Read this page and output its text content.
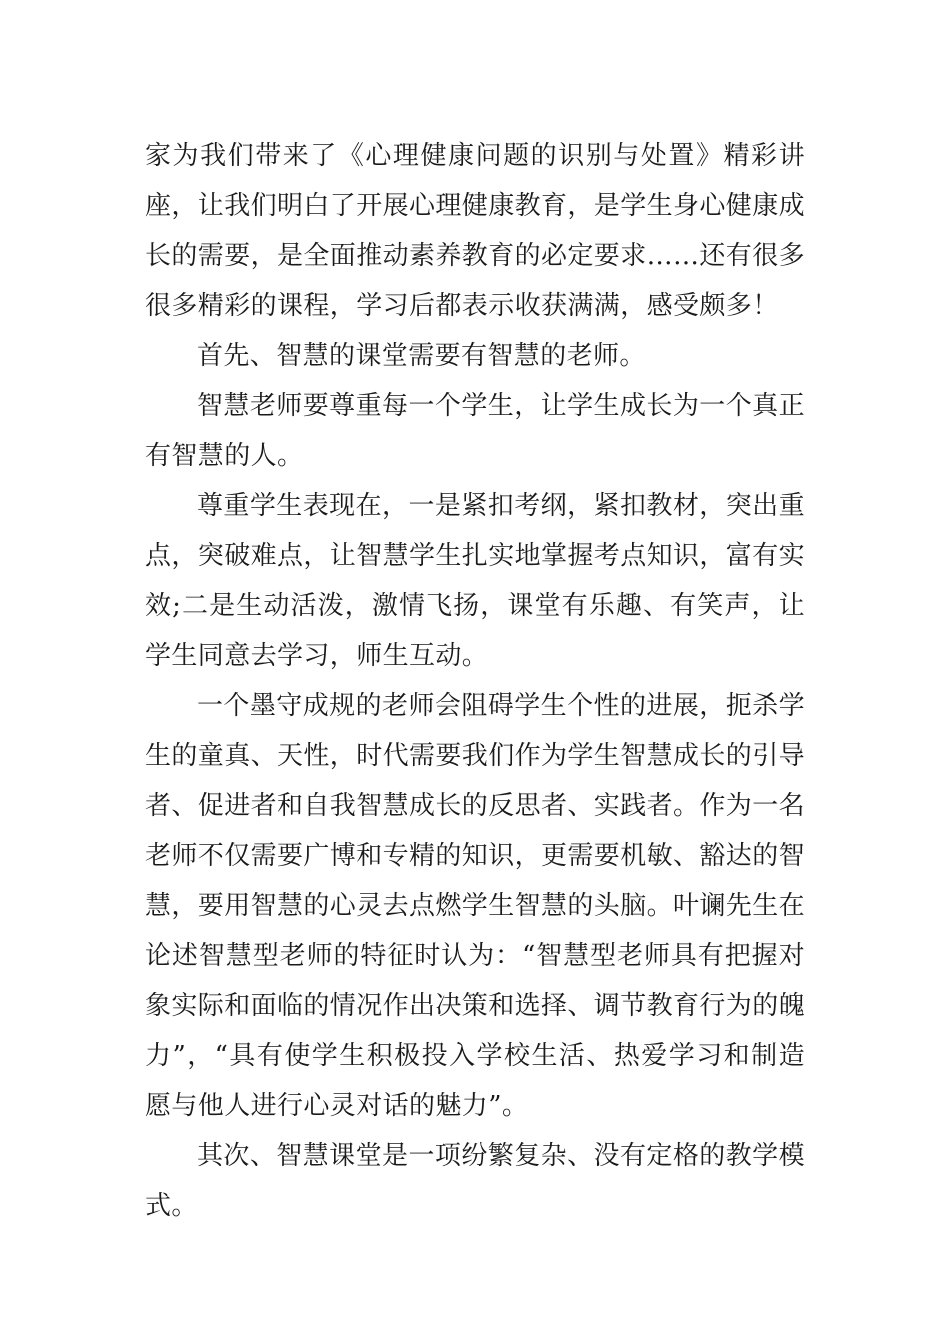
家为我们带来了《心理健康问题的识别与处置》精彩讲座，让我们明白了开展心理健康教育，是学生身心健康成长的需要，是全面推动素养教育的必定要求……还有很多很多精彩的课程，学习后都表示收获满满，感受颇多！

首先、智慧的课堂需要有智慧的老师。

智慧老师要尊重每一个学生，让学生成长为一个真正有智慧的人。

尊重学生表现在，一是紧扣考纲，紧扣教材，突出重点，突破难点，让智慧学生扎实地掌握考点知识，富有实效;二是生动活泼，激情飞扬，课堂有乐趣、有笑声，让学生同意去学习，师生互动。

一个墨守成规的老师会阻碍学生个性的进展，扼杀学生的童真、天性，时代需要我们作为学生智慧成长的引导者、促进者和自我智慧成长的反思者、实践者。作为一名老师不仅需要广博和专精的知识，更需要机敏、豁达的智慧，要用智慧的心灵去点燃学生智慧的头脑。叶谰先生在论述智慧型老师的特征时认为：“智慧型老师具有把握对象实际和面临的情况作出决策和选择、调节教育行为的魄力”，“具有使学生积极投入学校生活、热爱学习和制造愿与他人进行心灵对话的魅力”。

其次、智慧课堂是一项纷繁复杂、没有定格的教学模式。
